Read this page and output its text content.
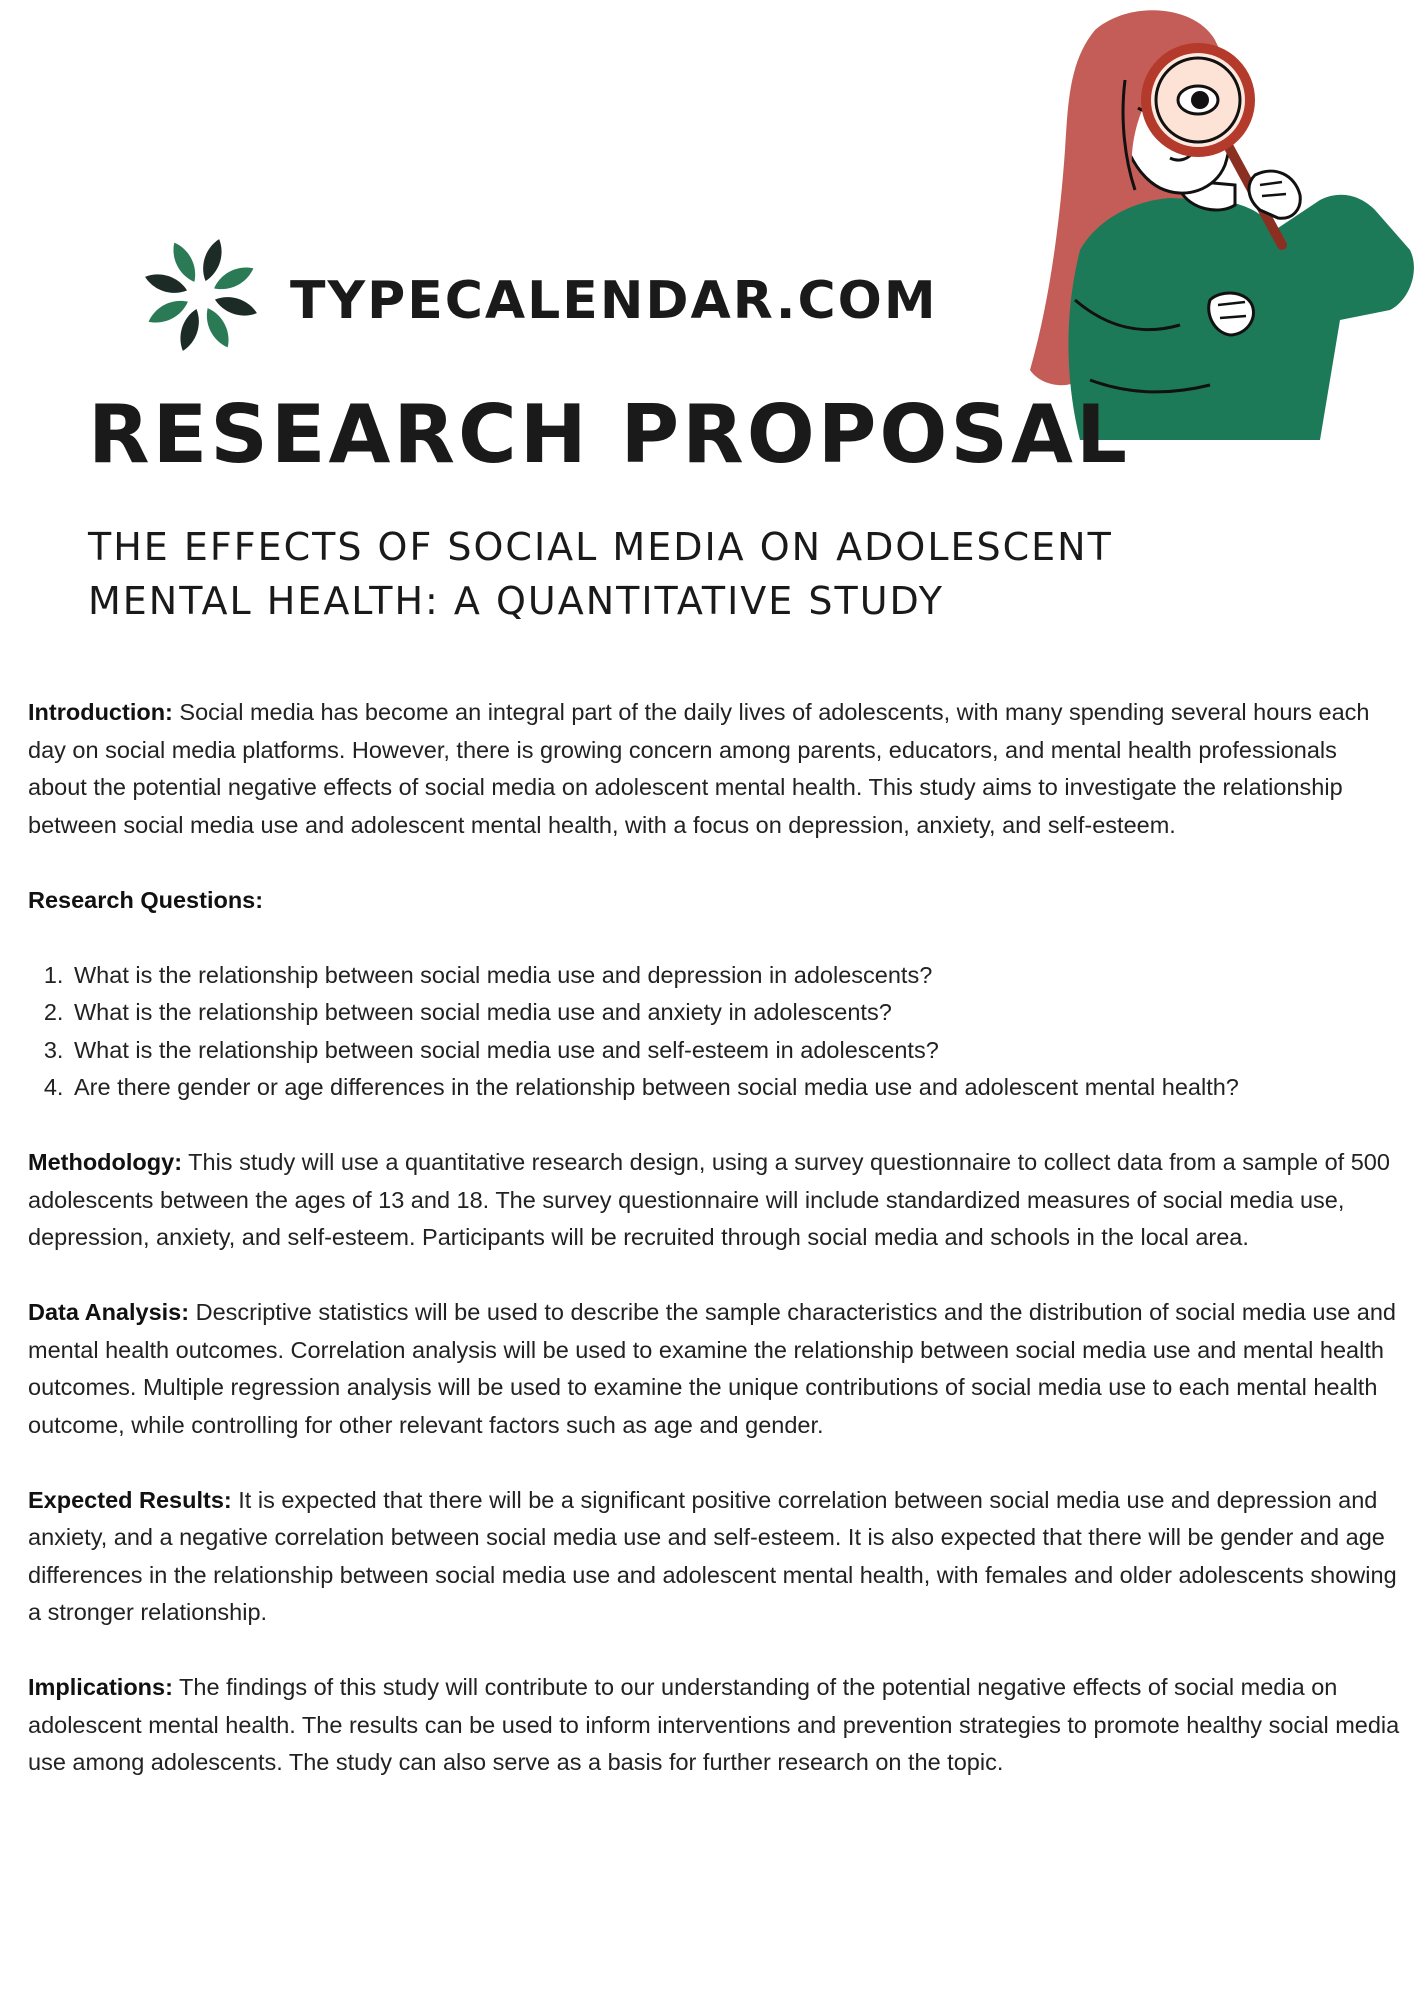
TYPECALENDAR.COM
RESEARCH PROPOSAL
THE EFFECTS OF SOCIAL MEDIA ON ADOLESCENT
MENTAL HEALTH: A QUANTITATIVE STUDY

Introduction: Social media has become an integral part of the daily lives of adolescents, with many spending several hours each day on social media platforms. However, there is growing concern among parents, educators, and mental health professionals about the potential negative effects of social media on adolescent mental health. This study aims to investigate the relationship between social media use and adolescent mental health, with a focus on depression, anxiety, and self-esteem.

Research Questions:

1. What is the relationship between social media use and depression in adolescents?
2. What is the relationship between social media use and anxiety in adolescents?
3. What is the relationship between social media use and self-esteem in adolescents?
4. Are there gender or age differences in the relationship between social media use and adolescent mental health?

Methodology: This study will use a quantitative research design, using a survey questionnaire to collect data from a sample of 500 adolescents between the ages of 13 and 18. The survey questionnaire will include standardized measures of social media use, depression, anxiety, and self-esteem. Participants will be recruited through social media and schools in the local area.

Data Analysis: Descriptive statistics will be used to describe the sample characteristics and the distribution of social media use and mental health outcomes. Correlation analysis will be used to examine the relationship between social media use and mental health outcomes. Multiple regression analysis will be used to examine the unique contributions of social media use to each mental health outcome, while controlling for other relevant factors such as age and gender.

Expected Results: It is expected that there will be a significant positive correlation between social media use and depression and anxiety, and a negative correlation between social media use and self-esteem. It is also expected that there will be gender and age differences in the relationship between social media use and adolescent mental health, with females and older adolescents showing a stronger relationship.

Implications: The findings of this study will contribute to our understanding of the potential negative effects of social media on adolescent mental health. The results can be used to inform interventions and prevention strategies to promote healthy social media use among adolescents. The study can also serve as a basis for further research on the topic.
